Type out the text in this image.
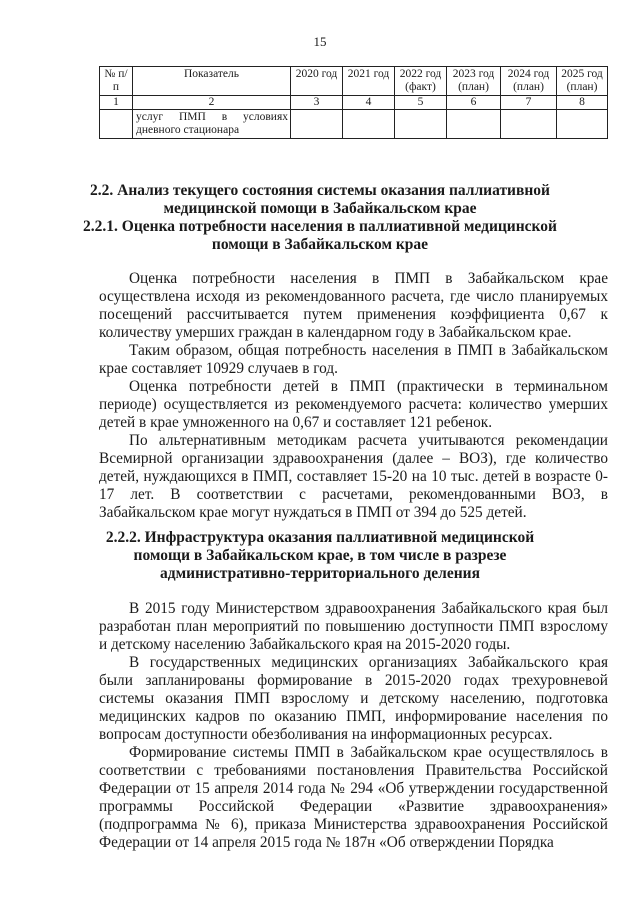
15
№ п/п	Показатель	2020 год	2021 год	2022 год (факт)	2023 год (план)	2024 год (план)	2025 год (план)
1	2	3	4	5	6	7	8
	услуг ПМП в условиях дневного стационара						
2.2. Анализ текущего состояния системы оказания паллиативной
медицинской помощи в Забайкальском крае
2.2.1. Оценка потребности населения в паллиативной медицинской
помощи в Забайкальском крае

Оценка потребности населения в ПМП в Забайкальском крае осуществлена исходя из рекомендованного расчета, где число планируемых посещений рассчитывается путем применения коэффициента 0,67 к количеству умерших граждан в календарном году в Забайкальском крае.

Таким образом, общая потребность населения в ПМП в Забайкальском крае составляет 10929 случаев в год.

Оценка потребности детей в ПМП (практически в терминальном периоде) осуществляется из рекомендуемого расчета: количество умерших детей в крае умноженного на 0,67 и составляет 121 ребенок.

По альтернативным методикам расчета учитываются рекомендации Всемирной организации здравоохранения (далее – ВОЗ), где количество детей, нуждающихся в ПМП, составляет 15-20 на 10 тыс. детей в возрасте 0-17 лет. В соответствии с расчетами, рекомендованными ВОЗ, в Забайкальском крае могут нуждаться в ПМП от 394 до 525 детей.

2.2.2. Инфраструктура оказания паллиативной медицинской
помощи в Забайкальском крае, в том числе в разрезе
административно-территориального деления

В 2015 году Министерством здравоохранения Забайкальского края был разработан план мероприятий по повышению доступности ПМП взрослому и детскому населению Забайкальского края на 2015-2020 годы.

В государственных медицинских организациях Забайкальского края были запланированы формирование в 2015-2020 годах трехуровневой системы оказания ПМП взрослому и детскому населению, подготовка медицинских кадров по оказанию ПМП, информирование населения по вопросам доступности обезболивания на информационных ресурсах.

Формирование системы ПМП в Забайкальском крае осуществлялось в соответствии с требованиями постановления Правительства Российской Федерации от 15 апреля 2014 года № 294 «Об утверждении государственной программы Российской Федерации «Развитие здравоохранения» (подпрограмма № 6), приказа Министерства здравоохранения Российской Федерации от 14 апреля 2015 года № 187н «Об отверждении Порядка
